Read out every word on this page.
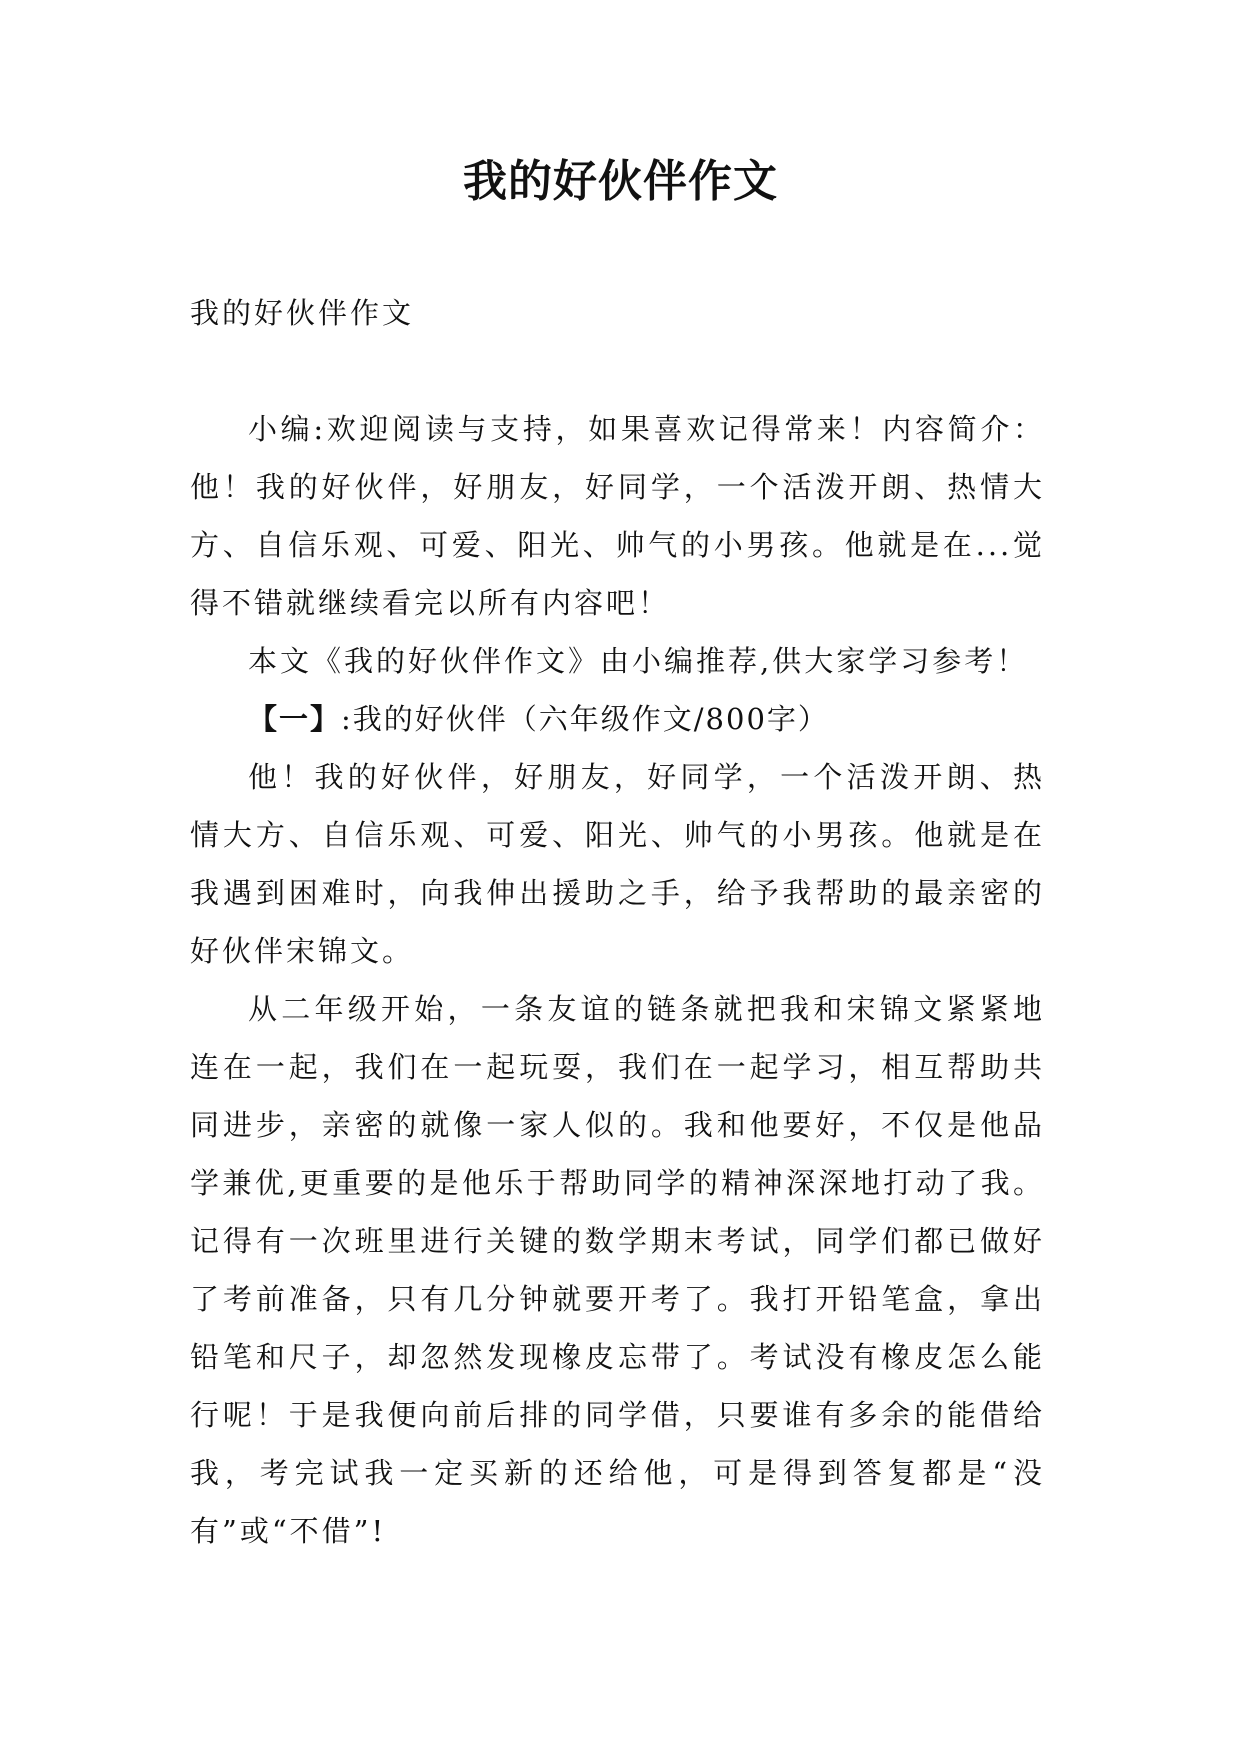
我的好伙伴作文

我的好伙伴作文

小编:欢迎阅读与支持，如果喜欢记得常来！内容简介：他！我的好伙伴，好朋友，好同学，一个活泼开朗、热情大方、自信乐观、可爱、阳光、帅气的小男孩。他就是在...觉得不错就继续看完以所有内容吧！

本文《我的好伙伴作文》由小编推荐,供大家学习参考！

【一】:我的好伙伴（六年级作文/800字）

他！我的好伙伴，好朋友，好同学，一个活泼开朗、热情大方、自信乐观、可爱、阳光、帅气的小男孩。他就是在我遇到困难时，向我伸出援助之手，给予我帮助的最亲密的好伙伴宋锦文。

从二年级开始，一条友谊的链条就把我和宋锦文紧紧地连在一起，我们在一起玩耍，我们在一起学习，相互帮助共同进步，亲密的就像一家人似的。我和他要好，不仅是他品学兼优,更重要的是他乐于帮助同学的精神深深地打动了我。记得有一次班里进行关键的数学期末考试，同学们都已做好了考前准备，只有几分钟就要开考了。我打开铅笔盒，拿出铅笔和尺子，却忽然发现橡皮忘带了。考试没有橡皮怎么能行呢！于是我便向前后排的同学借，只要谁有多余的能借给我，考完试我一定买新的还给他，可是得到答复都是“没有”或“不借”!
